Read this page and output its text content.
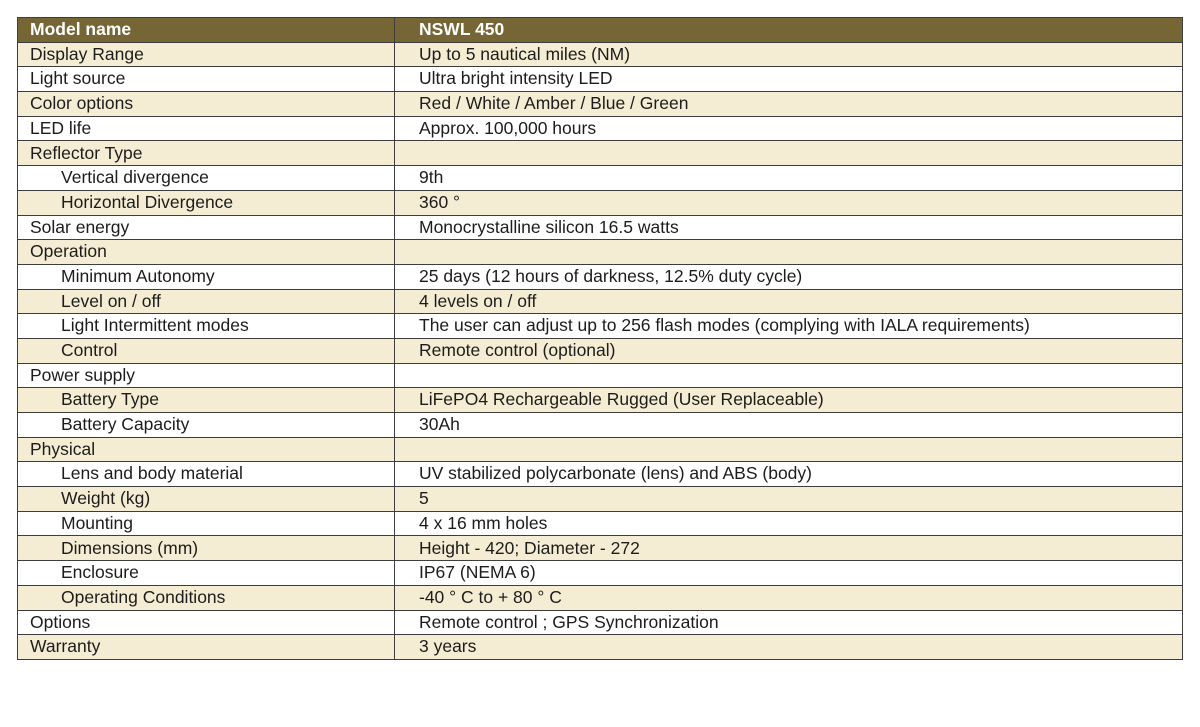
Model name	NSWL 450
Display Range	Up to 5 nautical miles (NM)
Light source	Ultra bright intensity LED
Color options	Red / White / Amber / Blue / Green
LED life	Approx. 100,000 hours
Reflector Type	
Vertical divergence	9th
Horizontal Divergence	360 °
Solar energy	Monocrystalline silicon 16.5 watts
Operation	
Minimum Autonomy	25 days (12 hours of darkness, 12.5% duty cycle)
Level on / off	4 levels on / off
Light Intermittent modes	The user can adjust up to 256 flash modes (complying with IALA requirements)
Control	Remote control (optional)
Power supply	
Battery Type	LiFePO4 Rechargeable Rugged (User Replaceable)
Battery Capacity	30Ah
Physical	
Lens and body material	UV stabilized polycarbonate (lens) and ABS (body)
Weight (kg)	5
Mounting	4 x 16 mm holes
Dimensions (mm)	Height - 420; Diameter - 272
Enclosure	IP67 (NEMA 6)
Operating Conditions	-40 ° C to + 80 ° C
Options	Remote control ; GPS Synchronization
Warranty	3 years
